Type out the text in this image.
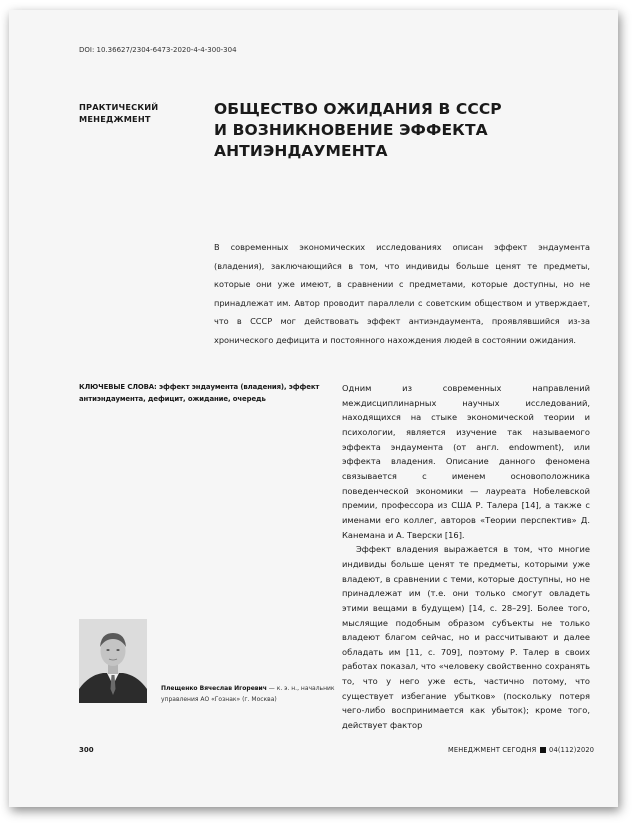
DOI: 10.36627/2304-6473-2020-4-4-300-304
ПРАКТИЧЕСКИЙ
МЕНЕДЖМЕНТ
ОБЩЕСТВО ОЖИДАНИЯ В СССР
И ВОЗНИКНОВЕНИЕ ЭФФЕКТА
АНТИЭНДАУМЕНТА

В современных экономических исследованиях описан эффект эндаумента (владения), заключающийся в том, что индивиды больше ценят те предметы, которые они уже имеют, в сравнении с предметами, которые доступны, но не принадлежат им. Автор проводит параллели с советским обществом и утверждает, что в СССР мог действовать эффект антиэндаумента, проявлявшийся из-за хронического дефицита и постоянного нахождения людей в состоянии ожидания.

КЛЮЧЕВЫЕ СЛОВА: эффект эндаумента (владения), эффект антиэндаумента, дефицит, ожидание, очередь

Одним из современных направлений междисциплинарных научных исследований, находящихся на стыке экономической теории и психологии, является изучение так называемого эффекта эндаумента (от англ. endowment), или эффекта владения. Описание данного феномена связывается с именем основоположника поведенческой экономики — лауреата Нобелевской премии, профессора из США Р. Талера [14], а также с именами его коллег, авторов «Теории перспектив» Д. Канемана и А. Тверски [16].

Эффект владения выражается в том, что многие индивиды больше ценят те предметы, которыми уже владеют, в сравнении с теми, которые доступны, но не принадлежат им (т.е. они только смогут овладеть этими вещами в будущем) [14, с. 28–29]. Более того, мыслящие подобным образом субъекты не только владеют благом сейчас, но и рассчитывают и далее обладать им [11, с. 709], поэтому Р. Талер в своих работах показал, что «человеку свойственно сохранять то, что у него уже есть, частично потому, что существует избегание убытков» (поскольку потеря чего-либо воспринимается как убыток); кроме того, действует фактор

Плещенко Вячеслав Игоревич — к. э. н., начальник
управления АО «Гознак» (г. Москва)
300	МЕНЕДЖМЕНТ СЕГОДНЯ 04(112)2020
